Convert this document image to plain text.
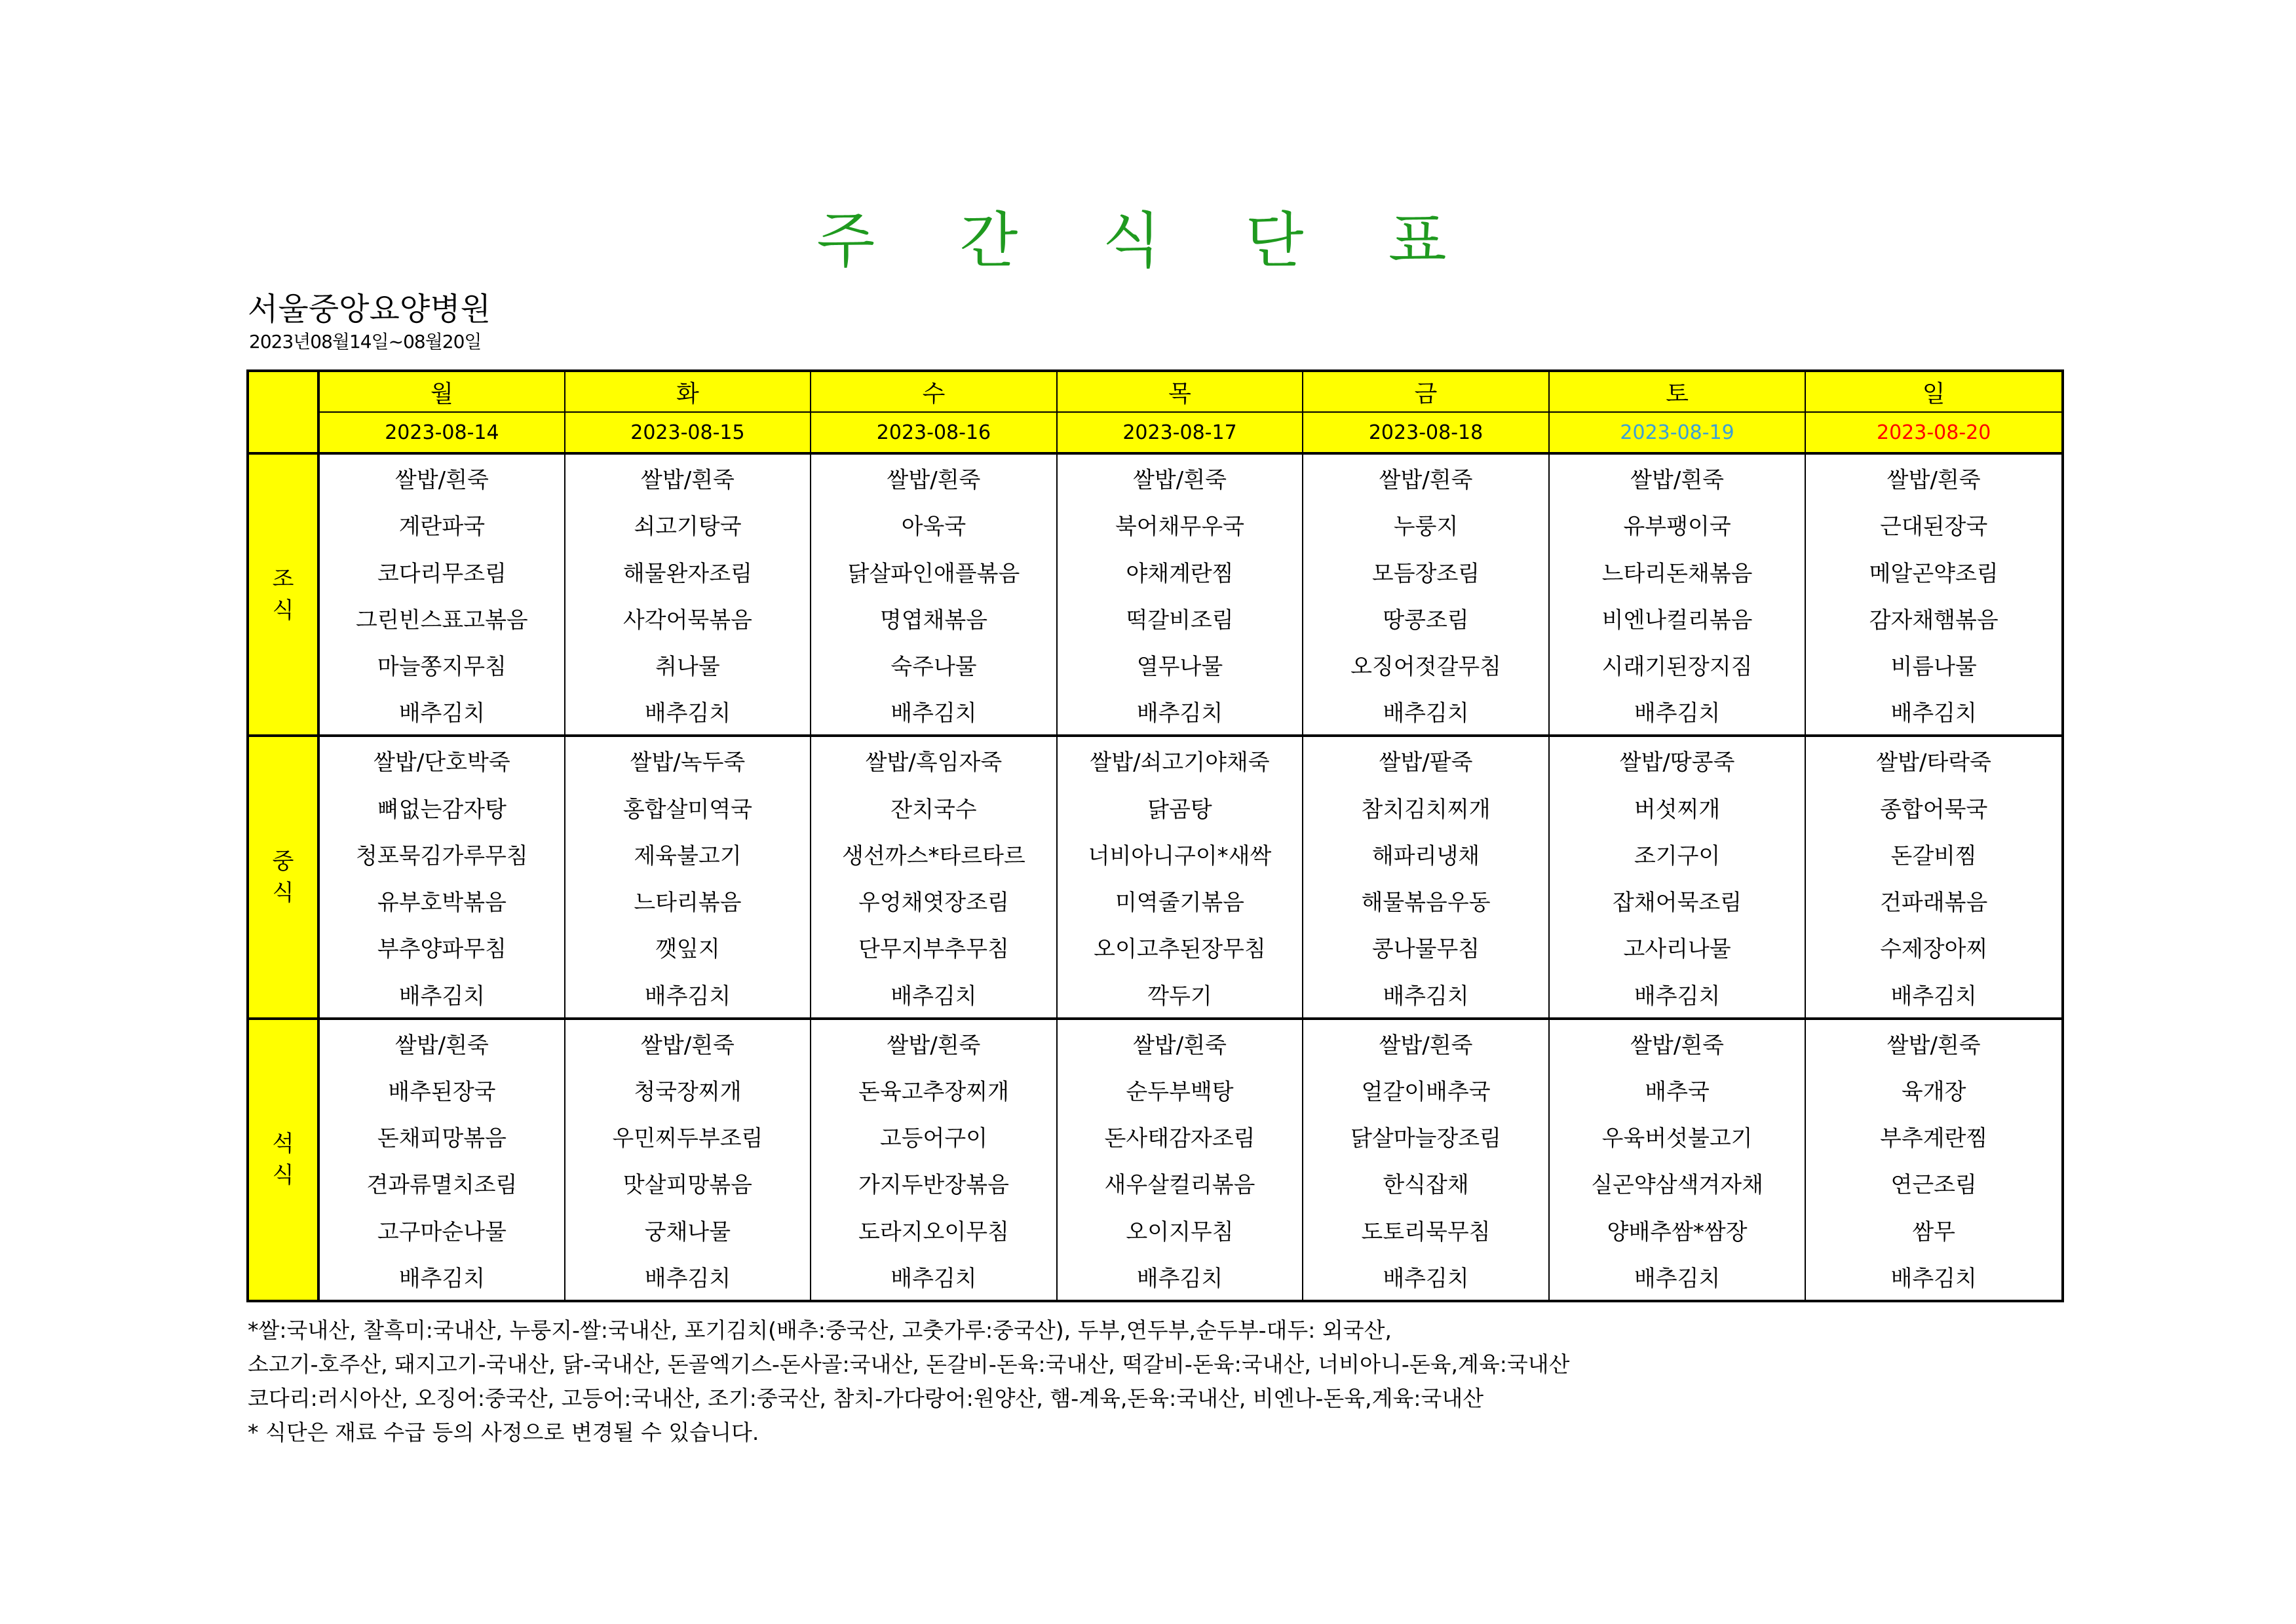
주 간 식 단 표
서울중앙요양병원
2023년08월14일~08월20일
	월	화	수	목	금	토	일
	2023-08-14	2023-08-15	2023-08-16	2023-08-17	2023-08-18	2023-08-19	2023-08-20

조
식	쌀밥/흰죽	쌀밥/흰죽	쌀밥/흰죽	쌀밥/흰죽	쌀밥/흰죽	쌀밥/흰죽	쌀밥/흰죽
	계란파국	쇠고기탕국	아욱국	북어채무우국	누룽지	유부팽이국	근대된장국
	코다리무조림	해물완자조림	닭살파인애플볶음	야채계란찜	모듬장조림	느타리돈채볶음	메알곤약조림
	그린빈스표고볶음	사각어묵볶음	명엽채볶음	떡갈비조림	땅콩조림	비엔나컬리볶음	감자채햄볶음
	마늘쫑지무침	취나물	숙주나물	열무나물	오징어젓갈무침	시래기된장지짐	비름나물
	배추김치	배추김치	배추김치	배추김치	배추김치	배추김치	배추김치

중
식	쌀밥/단호박죽	쌀밥/녹두죽	쌀밥/흑임자죽	쌀밥/쇠고기야채죽	쌀밥/팥죽	쌀밥/땅콩죽	쌀밥/타락죽
	뼈없는감자탕	홍합살미역국	잔치국수	닭곰탕	참치김치찌개	버섯찌개	종합어묵국
	청포묵김가루무침	제육불고기	생선까스*타르타르	너비아니구이*새싹	해파리냉채	조기구이	돈갈비찜
	유부호박볶음	느타리볶음	우엉채엿장조림	미역줄기볶음	해물볶음우동	잡채어묵조림	건파래볶음
	부추양파무침	깻잎지	단무지부추무침	오이고추된장무침	콩나물무침	고사리나물	수제장아찌
	배추김치	배추김치	배추김치	깍두기	배추김치	배추김치	배추김치

석
식	쌀밥/흰죽	쌀밥/흰죽	쌀밥/흰죽	쌀밥/흰죽	쌀밥/흰죽	쌀밥/흰죽	쌀밥/흰죽
	배추된장국	청국장찌개	돈육고추장찌개	순두부백탕	얼갈이배추국	배추국	육개장
	돈채피망볶음	우민찌두부조림	고등어구이	돈사태감자조림	닭살마늘장조림	우육버섯불고기	부추계란찜
	견과류멸치조림	맛살피망볶음	가지두반장볶음	새우살컬리볶음	한식잡채	실곤약삼색겨자채	연근조림
	고구마순나물	궁채나물	도라지오이무침	오이지무침	도토리묵무침	양배추쌈*쌈장	쌈무
	배추김치	배추김치	배추김치	배추김치	배추김치	배추김치	배추김치
*쌀:국내산, 찰흑미:국내산, 누룽지-쌀:국내산, 포기김치(배추:중국산, 고춧가루:중국산), 두부,연두부,순두부-대두: 외국산,
소고기-호주산, 돼지고기-국내산, 닭-국내산, 돈골엑기스-돈사골:국내산, 돈갈비-돈육:국내산, 떡갈비-돈육:국내산, 너비아니-돈육,계육:국내산
코다리:러시아산, 오징어:중국산, 고등어:국내산, 조기:중국산, 참치-가다랑어:원양산, 햄-계육,돈육:국내산, 비엔나-돈육,계육:국내산
* 식단은 재료 수급 등의 사정으로 변경될 수 있습니다.
